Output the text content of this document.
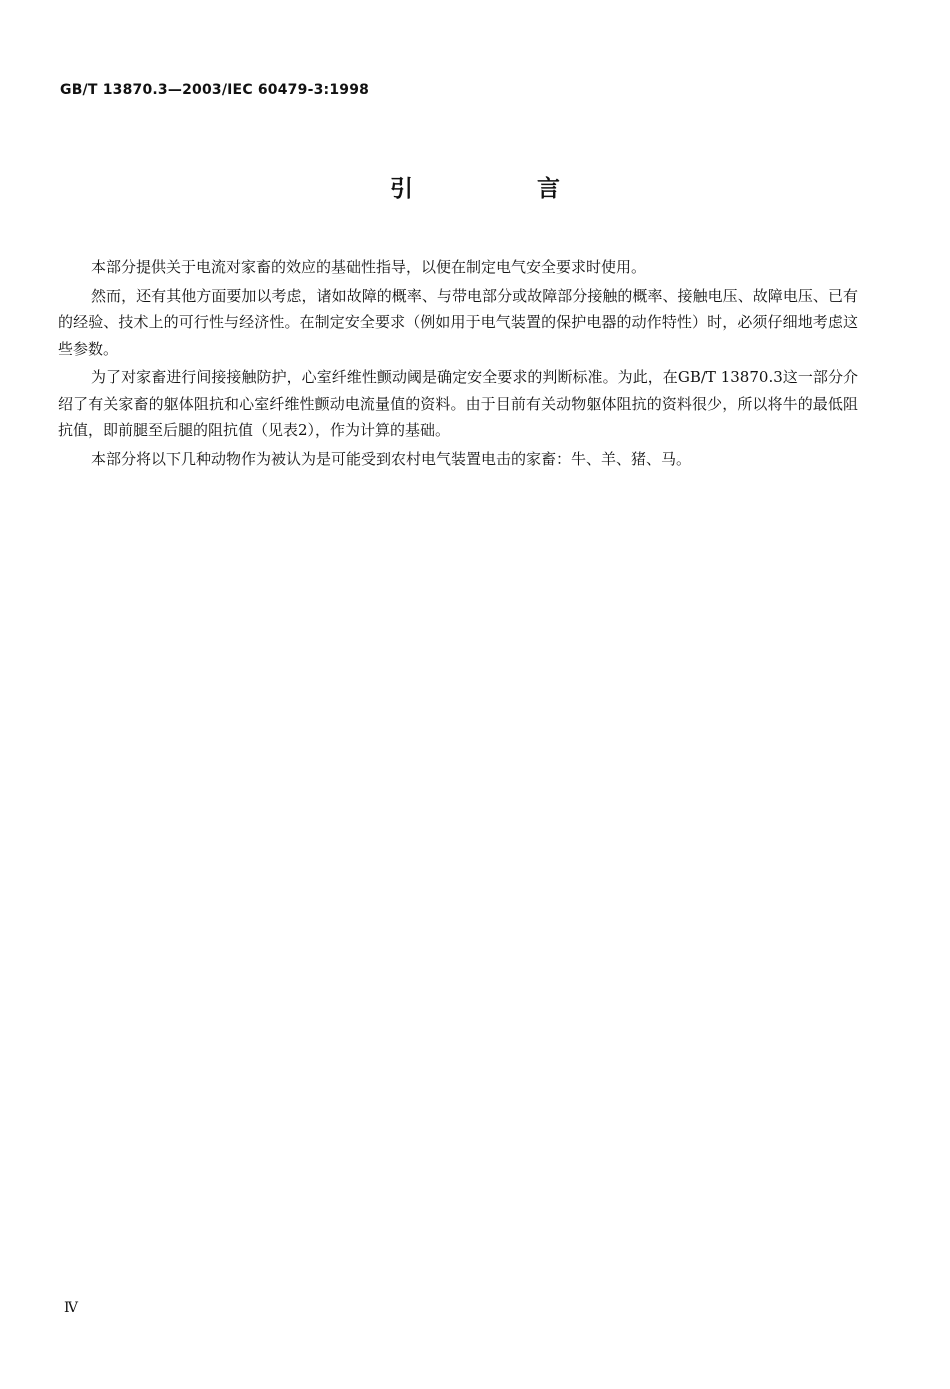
GB/T 13870.3—2003/IEC 60479-3:1998
引 言

本部分提供关于电流对家畜的效应的基础性指导，以便在制定电气安全要求时使用。

然而，还有其他方面要加以考虑，诸如故障的概率、与带电部分或故障部分接触的概率、接触电压、故障电压、已有的经验、技术上的可行性与经济性。在制定安全要求（例如用于电气装置的保护电器的动作特性）时，必须仔细地考虑这些参数。

为了对家畜进行间接接触防护，心室纤维性颤动阈是确定安全要求的判断标准。为此，在GB/T 13870.3这一部分介绍了有关家畜的躯体阻抗和心室纤维性颤动电流量值的资料。由于目前有关动物躯体阻抗的资料很少，所以将牛的最低阻抗值，即前腿至后腿的阻抗值（见表2），作为计算的基础。

本部分将以下几种动物作为被认为是可能受到农村电气装置电击的家畜：牛、羊、猪、马。

Ⅳ
